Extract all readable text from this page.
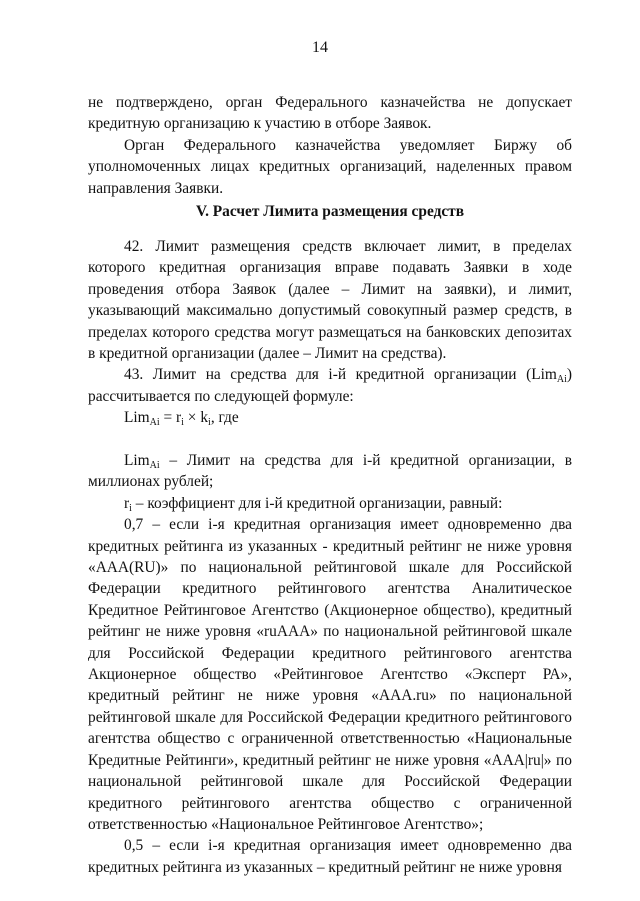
14

не подтверждено, орган Федерального казначейства не допускает кредитную организацию к участию в отборе Заявок.

Орган Федерального казначейства уведомляет Биржу об уполномоченных лицах кредитных организаций, наделенных правом направления Заявки.

V. Расчет Лимита размещения средств

42. Лимит размещения средств включает лимит, в пределах которого кредитная организация вправе подавать Заявки в ходе проведения отбора Заявок (далее – Лимит на заявки), и лимит, указывающий максимально допустимый совокупный размер средств, в пределах которого средства могут размещаться на банковских депозитах в кредитной организации (далее – Лимит на средства).

43. Лимит на средства для i-й кредитной организации (Lim$_{Ai}$) рассчитывается по следующей формуле:

$Lim_{Ai} = r_i \times k_i$, где

Lim$_{Ai}$ – Лимит на средства для i-й кредитной организации, в миллионах рублей;

$r_i$ – коэффициент для i-й кредитной организации, равный:

0,7 – если i-я кредитная организация имеет одновременно два кредитных рейтинга из указанных - кредитный рейтинг не ниже уровня «AAA(RU)» по национальной рейтинговой шкале для Российской Федерации кредитного рейтингового агентства Аналитическое Кредитное Рейтинговое Агентство (Акционерное общество), кредитный рейтинг не ниже уровня «ruAAA» по национальной рейтинговой шкале для Российской Федерации кредитного рейтингового агентства Акционерное общество «Рейтинговое Агентство «Эксперт РА», кредитный рейтинг не ниже уровня «AAA.ru» по национальной рейтинговой шкале для Российской Федерации кредитного рейтингового агентства общество с ограниченной ответственностью «Национальные Кредитные Рейтинги», кредитный рейтинг не ниже уровня «AAA|ru|» по национальной рейтинговой шкале для Российской Федерации кредитного рейтингового агентства общество с ограниченной ответственностью «Национальное Рейтинговое Агентство»;

0,5 – если i-я кредитная организация имеет одновременно два кредитных рейтинга из указанных – кредитный рейтинг не ниже уровня
